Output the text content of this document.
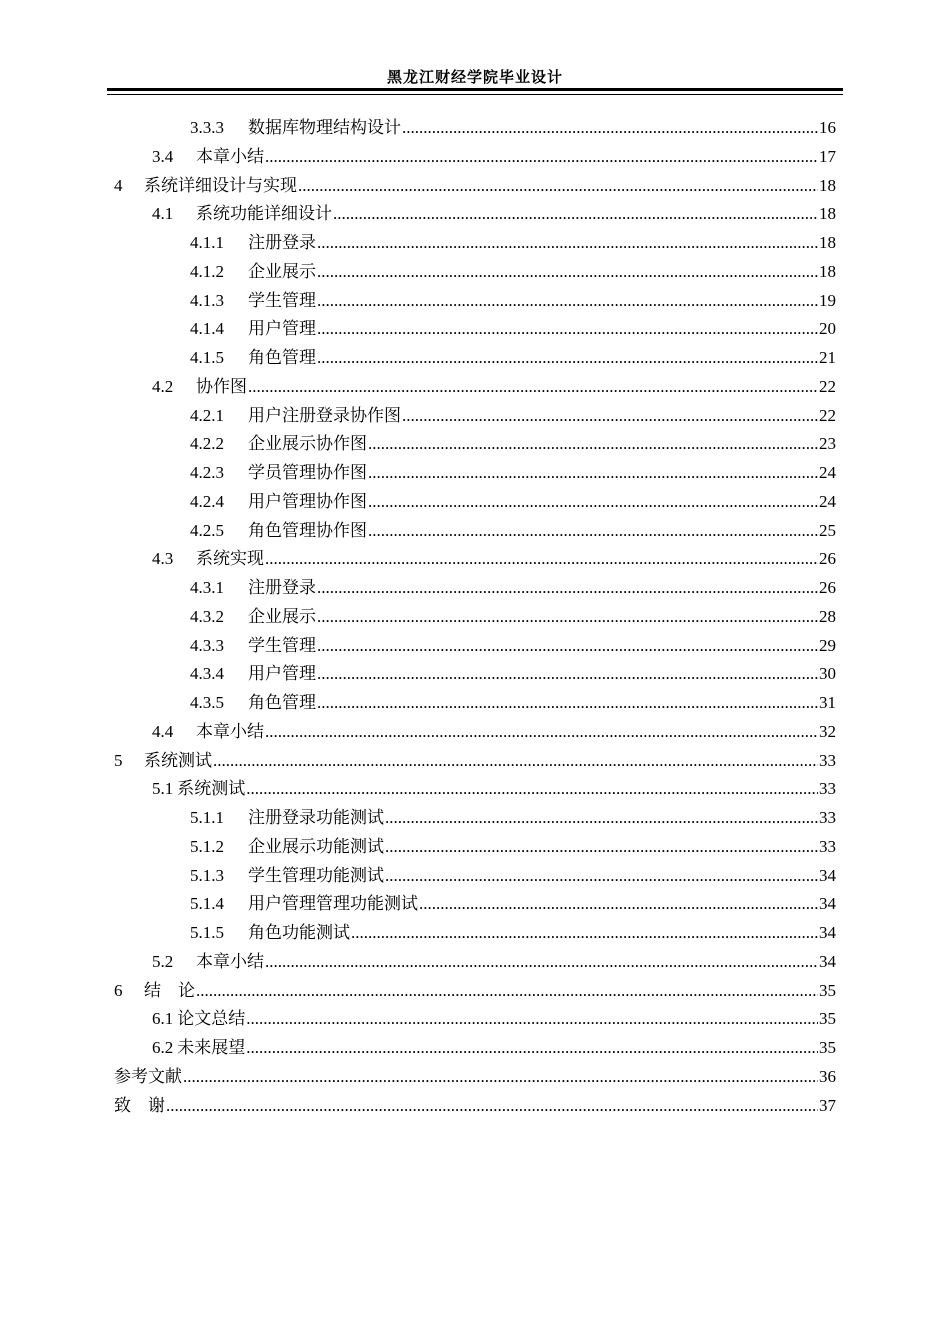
黑龙江财经学院毕业设计
3.3.3	数据库物理结构设计 .....	16
3.4	本章小结 .....	17
4	系统详细设计与实现 .....	18
4.1	系统功能详细设计 .....	18
4.1.1	注册登录 .....	18
4.1.2	企业展示 .....	18
4.1.3	学生管理 .....	19
4.1.4	用户管理 .....	20
4.1.5	角色管理 .....	21
4.2	协作图 .....	22
4.2.1	用户注册登录协作图 .....	22
4.2.2	企业展示协作图 .....	23
4.2.3	学员管理协作图 .....	24
4.2.4	用户管理协作图 .....	24
4.2.5	角色管理协作图 .....	25
4.3	系统实现 .....	26
4.3.1	注册登录 .....	26
4.3.2	企业展示 .....	28
4.3.3	学生管理 .....	29
4.3.4	用户管理 .....	30
4.3.5	角色管理 .....	31
4.4	本章小结 .....	32
5	系统测试 .....	33
5.1 系统测试 .....	33
5.1.1	注册登录功能测试 .....	33
5.1.2	企业展示功能测试 .....	33
5.1.3	学生管理功能测试 .....	34
5.1.4	用户管理管理功能测试 .....	34
5.1.5	角色功能测试 .....	34
5.2	本章小结 .....	34
6	结　论 .....	35
6.1 论文总结 .....	35
6.2 未来展望 .....	35
参考文献 .....	36
致　谢 .....	37
